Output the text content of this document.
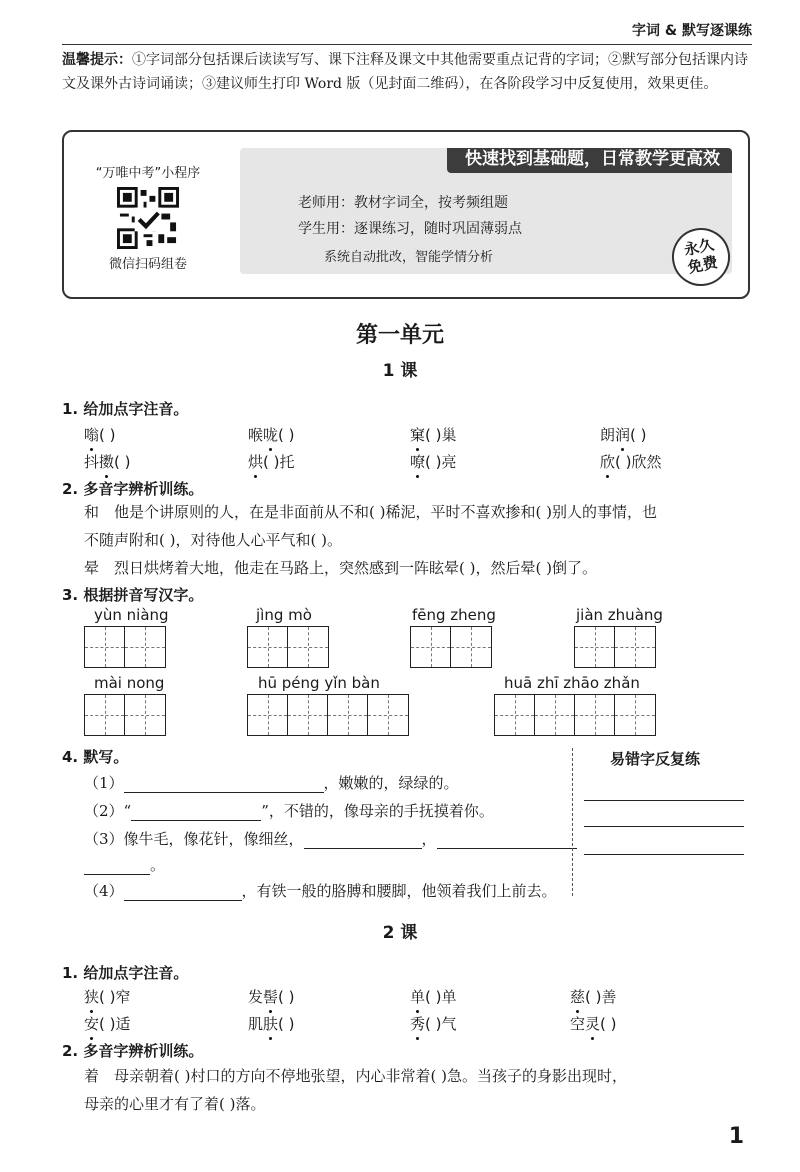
字词 & 默写逐课练
温馨提示：①字词部分包括课后读读写写、课下注释及课文中其他需要重点记背的字词；②默写部分包括课内诗文及课外古诗词诵读；③建议师生打印 Word 版（见封面二维码），在各阶段学习中反复使用，效果更佳。
“万唯中考”小程序
微信扫码组卷
快速找到基础题，日常教学更高效
老师用：教材字词全，按考频组题
学生用：逐课练习，随时巩固薄弱点
系统自动批改，智能学情分析	永久
免费
第一单元
1 课
1. 给加点字注音。
嗡( )	喉咙( )	窠( )巢	朗润( )
抖擞( )	烘( )托	嘹( )亮	欣( )欣然
2. 多音字辨析训练。
和　他是个讲原则的人，在是非面前从不和( )稀泥，平时不喜欢掺和( )别人的事情，也
不随声附和( )，对待他人心平气和( )。
晕　烈日烘烤着大地，他走在马路上，突然感到一阵眩晕( )，然后晕( )倒了。
3. 根据拼音写汉字。
yùn niàng	jìng mò	fēng zheng	jiàn zhuàng
mài nong	hū péng yǐn bàn	huā zhī zhāo zhǎn
4. 默写。
（1）	，嫩嫩的，绿绿的。
（2）“	”，不错的，像母亲的手抚摸着你。
（3）像牛毛，像花针，像细丝，	，
。
（4）	，有铁一般的胳膊和腰脚，他领着我们上前去。
易错字反复练
2 课
1. 给加点字注音。
狭( )窄	发髻( )	单( )单	慈( )善
安( )适	肌肤( )	秀( )气	空灵( )
2. 多音字辨析训练。
着　母亲朝着( )村口的方向不停地张望，内心非常着( )急。当孩子的身影出现时，
母亲的心里才有了着( )落。
1
